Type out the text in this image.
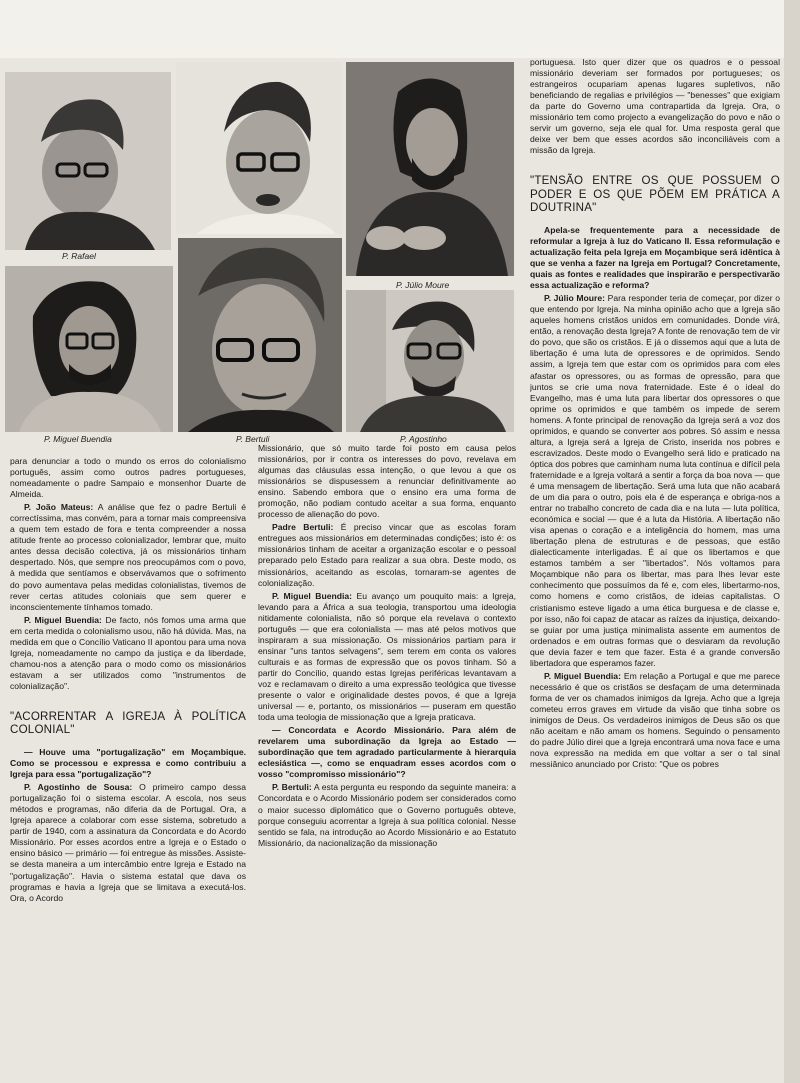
P. Rafael
P. Júlio Moure
P. Miguel Buendia	P. Bertuli	P. Agostinho

para denunciar a todo o mundo os erros do colonialismo português, assim como outros padres portugueses, nomeadamente o padre Sampaio e monsenhor Duarte de Almeida.

P. João Mateus: A análise que fez o padre Bertuli é correctíssima, mas convém, para a tornar mais compreensiva a quem tem estado de fora e tenta compreender a nossa atitude frente ao processo colonializador, lembrar que, muito antes dessa decisão colectiva, já os missionários tinham despertado. Nós, que sempre nos preocupámos com o povo, à medida que sentíamos e observávamos que o sofrimento do povo aumentava pelas medidas colonialistas, tivemos de rever certas atitudes coloniais que sem querer e inconscientemente tínhamos tomado.

P. Miguel Buendia: De facto, nós fomos uma arma que em certa medida o colonialismo usou, não há dúvida. Mas, na medida em que o Concílio Vaticano II apontou para uma nova Igreja, nomeadamente no campo da justiça e da liberdade, chamou-nos a atenção para o modo como os missionários estavam a ser utilizados como "instrumentos de colonialização".

"ACORRENTAR A IGREJA À POLÍTICA COLONIAL"

— Houve uma "portugalização" em Moçambique. Como se processou e expressa e como contribuiu a Igreja para essa "portugalização"?

P. Agostinho de Sousa: O primeiro campo dessa portugalização foi o sistema escolar. A escola, nos seus métodos e programas, não diferia da de Portugal. Ora, a Igreja aparece a colaborar com esse sistema, sobretudo a partir de 1940, com a assinatura da Concordata e do Acordo Missionário. Por esses acordos entre a Igreja e o Estado o ensino básico — primário — foi entregue às missões. Assiste-se desta maneira a um intercâmbio entre Igreja e Estado na "portugalização". Havia o sistema estatal que dava os programas e havia a Igreja que se limitava a executá-los. Ora, o Acordo

Missionário, que só muito tarde foi posto em causa pelos missionários, por ir contra os interesses do povo, revelava em algumas das cláusulas essa intenção, o que levou a que os missionários se dispusessem a renunciar definitivamente ao ensino. Sabendo embora que o ensino era uma forma de promoção, não podiam contudo aceitar a sua forma, enquanto processo de alienação do povo.

Padre Bertuli: É preciso vincar que as escolas foram entregues aos missionários em determinadas condições; isto é: os missionários tinham de aceitar a organização escolar e o pessoal preparado pelo Estado para realizar a sua obra. Deste modo, os missionários, aceitando as escolas, tornaram-se agentes de colonialização.

P. Miguel Buendia: Eu avanço um pouquito mais: a Igreja, levando para a África a sua teologia, transportou uma ideologia nitidamente colonialista, não só porque ela revelava o contexto português — que era colonialista — mas até pelos motivos que inspiraram a sua missionação. Os missionários partiam para ir ensinar "uns tantos selvagens", sem terem em conta os valores culturais e as formas de expressão que os povos tinham. Só a partir do Concílio, quando estas Igrejas periféricas levantavam a voz e reclamavam o direito a uma expressão teológica que tivesse presente o valor e originalidade destes povos, é que a Igreja universal — e, portanto, os missionários — puseram em questão toda uma teologia de missionação que a Igreja praticava.

— Concordata e Acordo Missionário. Para além de revelarem uma subordinação da Igreja ao Estado — subordinação que tem agradado particularmente à hierarquia eclesiástica —, como se enquadram esses acordos com o vosso "compromisso missionário"?

P. Bertuli: A esta pergunta eu respondo da seguinte maneira: a Concordata e o Acordo Missionário podem ser considerados como o maior sucesso diplomático que o Governo português obteve, porque conseguiu acorrentar a Igreja à sua política colonial. Nesse sentido se fala, na introdução ao Acordo Missionário e ao Estatuto Missionário, da nacionalização da missionação

portuguesa. Isto quer dizer que os quadros e o pessoal missionário deveriam ser formados por portugueses; os estrangeiros ocupariam apenas lugares supletivos, não beneficiando de regalias e privilégios — "benesses" que exigiam da parte do Governo uma contrapartida da Igreja. Ora, o missionário tem como projecto a evangelização do povo e não o servir um governo, seja ele qual for. Uma resposta geral que deixe ver bem que esses acordos são inconciliáveis com a missão da Igreja.

"TENSÃO ENTRE OS QUE POSSUEM O PODER E OS QUE PÕEM EM PRÁTICA A DOUTRINA"

Apela-se frequentemente para a necessidade de reformular a Igreja à luz do Vaticano II. Essa reformulação e actualização feita pela Igreja em Moçambique será idêntica à que se venha a fazer na Igreja em Portugal? Concretamente, quais as fontes e realidades que inspirarão e perspectivarão essa actualização e reforma?

P. Júlio Moure: Para responder teria de começar, por dizer o que entendo por Igreja. Na minha opinião acho que a Igreja são aqueles homens cristãos unidos em comunidades. Donde virá, então, a renovação desta Igreja? A fonte de renovação tem de vir do povo, que são os cristãos. E já o dissemos aqui que a luta de libertação é uma luta de opressores e de oprimidos. Sendo assim, a Igreja tem que estar com os oprimidos para com eles afastar os opressores, ou as formas de opressão, para que juntos se crie uma nova fraternidade. Este é o ideal do Evangelho, mas é uma luta para libertar dos opressores o que oprime os oprimidos e que também os impede de serem homens. A fonte principal de renovação da Igreja será a voz dos oprimidos, e quando se converter aos pobres. Só assim e nessa altura, a Igreja será a Igreja de Cristo, inserida nos pobres e escravizados. Deste modo o Evangelho será lido e praticado na óptica dos pobres que caminham numa luta contínua e difícil pela fraternidade e a Igreja voltará a sentir a força da boa nova — que é uma mensagem de libertação. Será uma luta que não acabará de um dia para o outro, pois ela é de esperança e obriga-nos a entrar no trabalho concreto de cada dia e na luta — luta política, económica e social — que é a luta da História. A libertação não visa apenas o coração e a inteligência do homem, mas uma libertação plena de estruturas e de pessoas, que estão dialecticamente interligadas. É aí que os libertamos e que estamos também a ser "libertados". Nós voltamos para Moçambique não para os libertar, mas para lhes levar este conhecimento que possuímos da fé e, com eles, libertarmo-nos, como homens e como cristãos, de ideias capitalistas. O cristianismo esteve ligado a uma ética burguesa e de classe e, por isso, não foi capaz de atacar as raízes da injustiça, deixando-se guiar por uma justiça minimalista assente em aumentos de ordenados e em outras formas que o desviaram da revolução que devia fazer e tem que fazer. Esta é a grande conversão libertadora que esperamos fazer.

P. Miguel Buendia: Em relação a Portugal e que me parece necessário é que os cristãos se desfaçam de uma determinada forma de ver os chamados inimigos da Igreja. Acho que a Igreja cometeu erros graves em virtude da visão que tinha sobre os inimigos de Deus. Os verdadeiros inimigos de Deus são os que não aceitam e não amam os homens. Seguindo o pensamento do padre Júlio direi que a Igreja encontrará uma nova face e uma nova expressão na medida em que voltar a ser o tal sinal messiânico anunciado por Cristo: "Que os pobres
